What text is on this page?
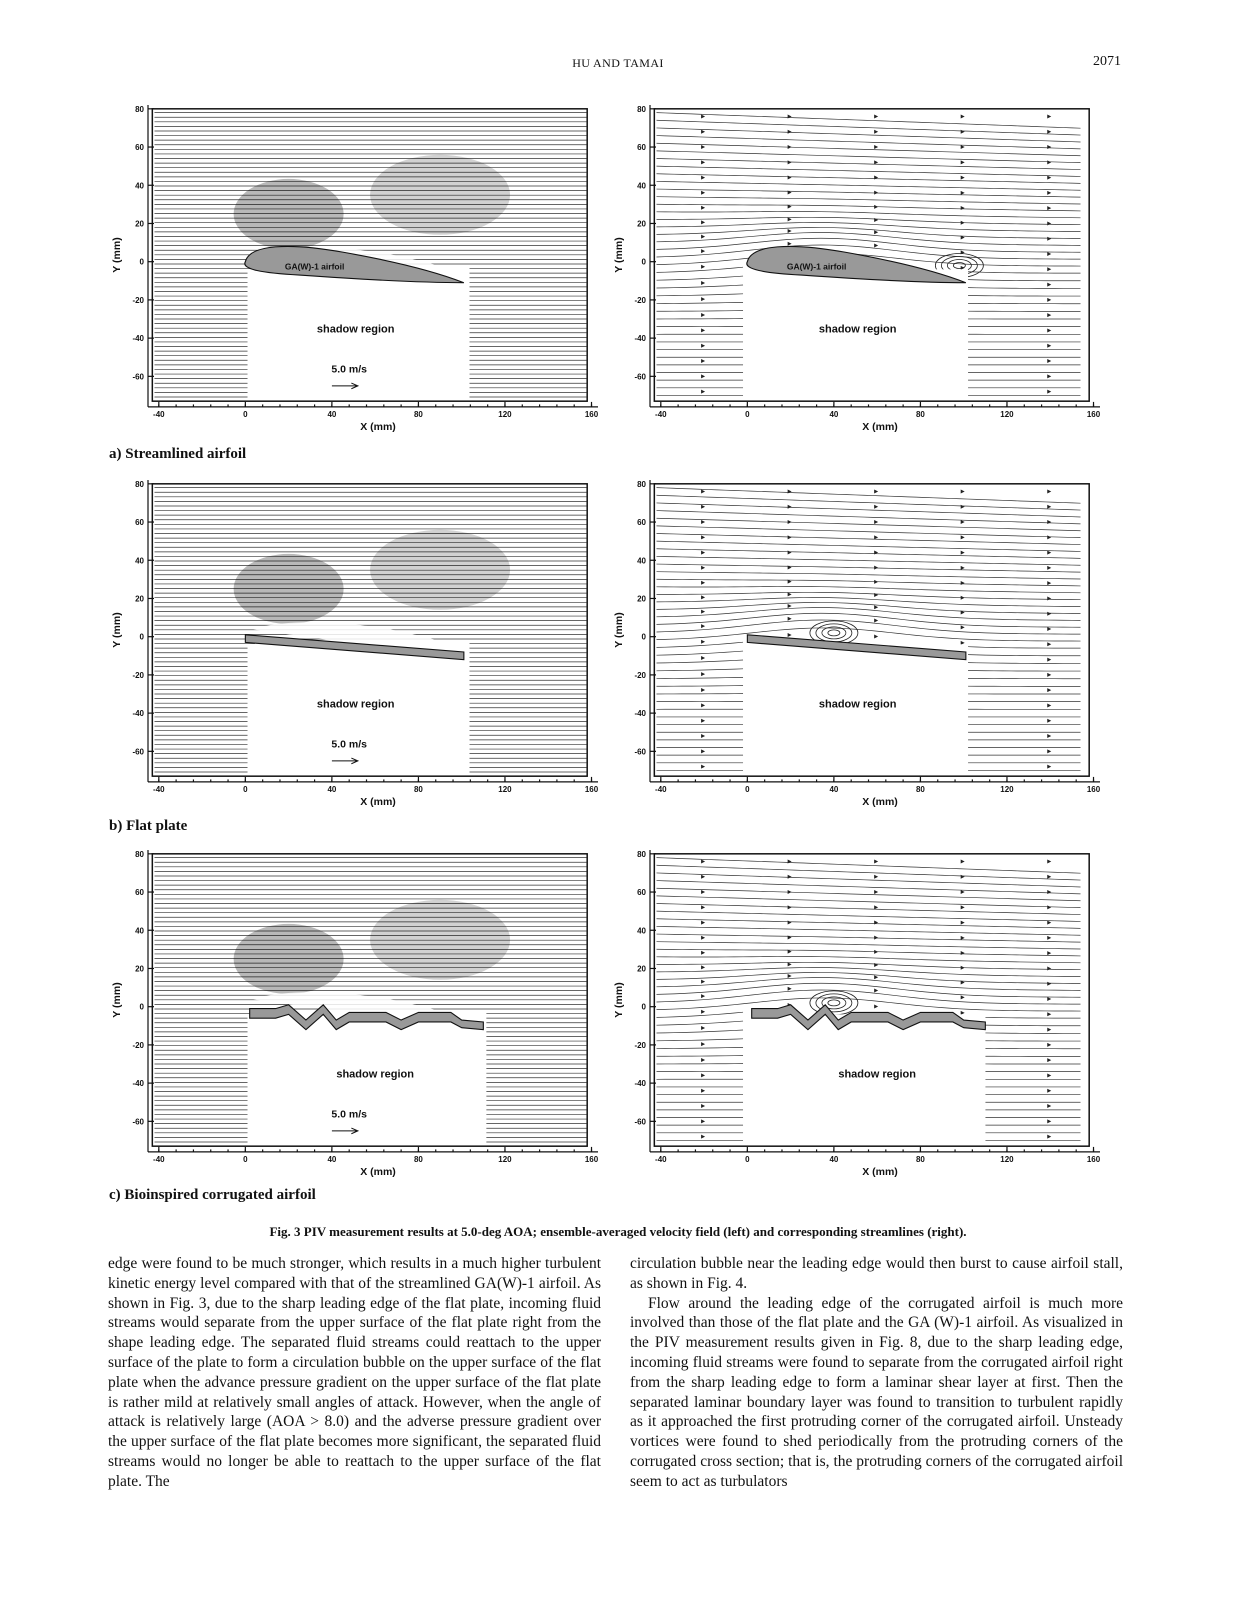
HU AND TAMAI	2071
GA(W)-1 airfoil
shadow region
5.0 m/s
-40	0	40	80	120	160
80
60
40
20
0
-20
-40
-60
X (mm)
Y (mm)	GA(W)-1 airfoil
shadow region
-40	0	40	80	120	160
80
60
40
20
0
-20
-40
-60
X (mm)
Y (mm)
shadow region
5.0 m/s
-40	0	40	80	120	160
80
60
40
20
0
-20
-40
-60
X (mm)
Y (mm)
shadow region
-40	0	40	80	120	160
80
60
40
20
0
-20
-40
-60
X (mm)
Y (mm)
shadow region
5.0 m/s
-40	0	40	80	120	160
80
60
40
20
0
-20
-40
-60
X (mm)
Y (mm)
shadow region
-40	0	40	80	120	160
80
60
40
20
0
-20
-40
-60
X (mm)
Y (mm)
a) Streamlined airfoil
b) Flat plate
c) Bioinspired corrugated airfoil
Fig. 3 PIV measurement results at 5.0-deg AOA; ensemble-averaged velocity field (left) and corresponding streamlines (right).

edge were found to be much stronger, which results in a much higher turbulent kinetic energy level compared with that of the streamlined GA(W)-1 airfoil. As shown in Fig. 3, due to the sharp leading edge of the flat plate, incoming fluid streams would separate from the upper surface of the flat plate right from the shape leading edge. The separated fluid streams could reattach to the upper surface of the plate to form a circulation bubble on the upper surface of the flat plate when the advance pressure gradient on the upper surface of the flat plate is rather mild at relatively small angles of attack. However, when the angle of attack is relatively large (AOA > 8.0) and the adverse pressure gradient over the upper surface of the flat plate becomes more significant, the separated fluid streams would no longer be able to reattach to the upper surface of the flat plate. The

circulation bubble near the leading edge would then burst to cause airfoil stall, as shown in Fig. 4.

Flow around the leading edge of the corrugated airfoil is much more involved than those of the flat plate and the GA (W)-1 airfoil. As visualized in the PIV measurement results given in Fig. 8, due to the sharp leading edge, incoming fluid streams were found to separate from the corrugated airfoil right from the sharp leading edge to form a laminar shear layer at first. Then the separated laminar boundary layer was found to transition to turbulent rapidly as it approached the first protruding corner of the corrugated airfoil. Unsteady vortices were found to shed periodically from the protruding corners of the corrugated cross section; that is, the protruding corners of the corrugated airfoil seem to act as turbulators
